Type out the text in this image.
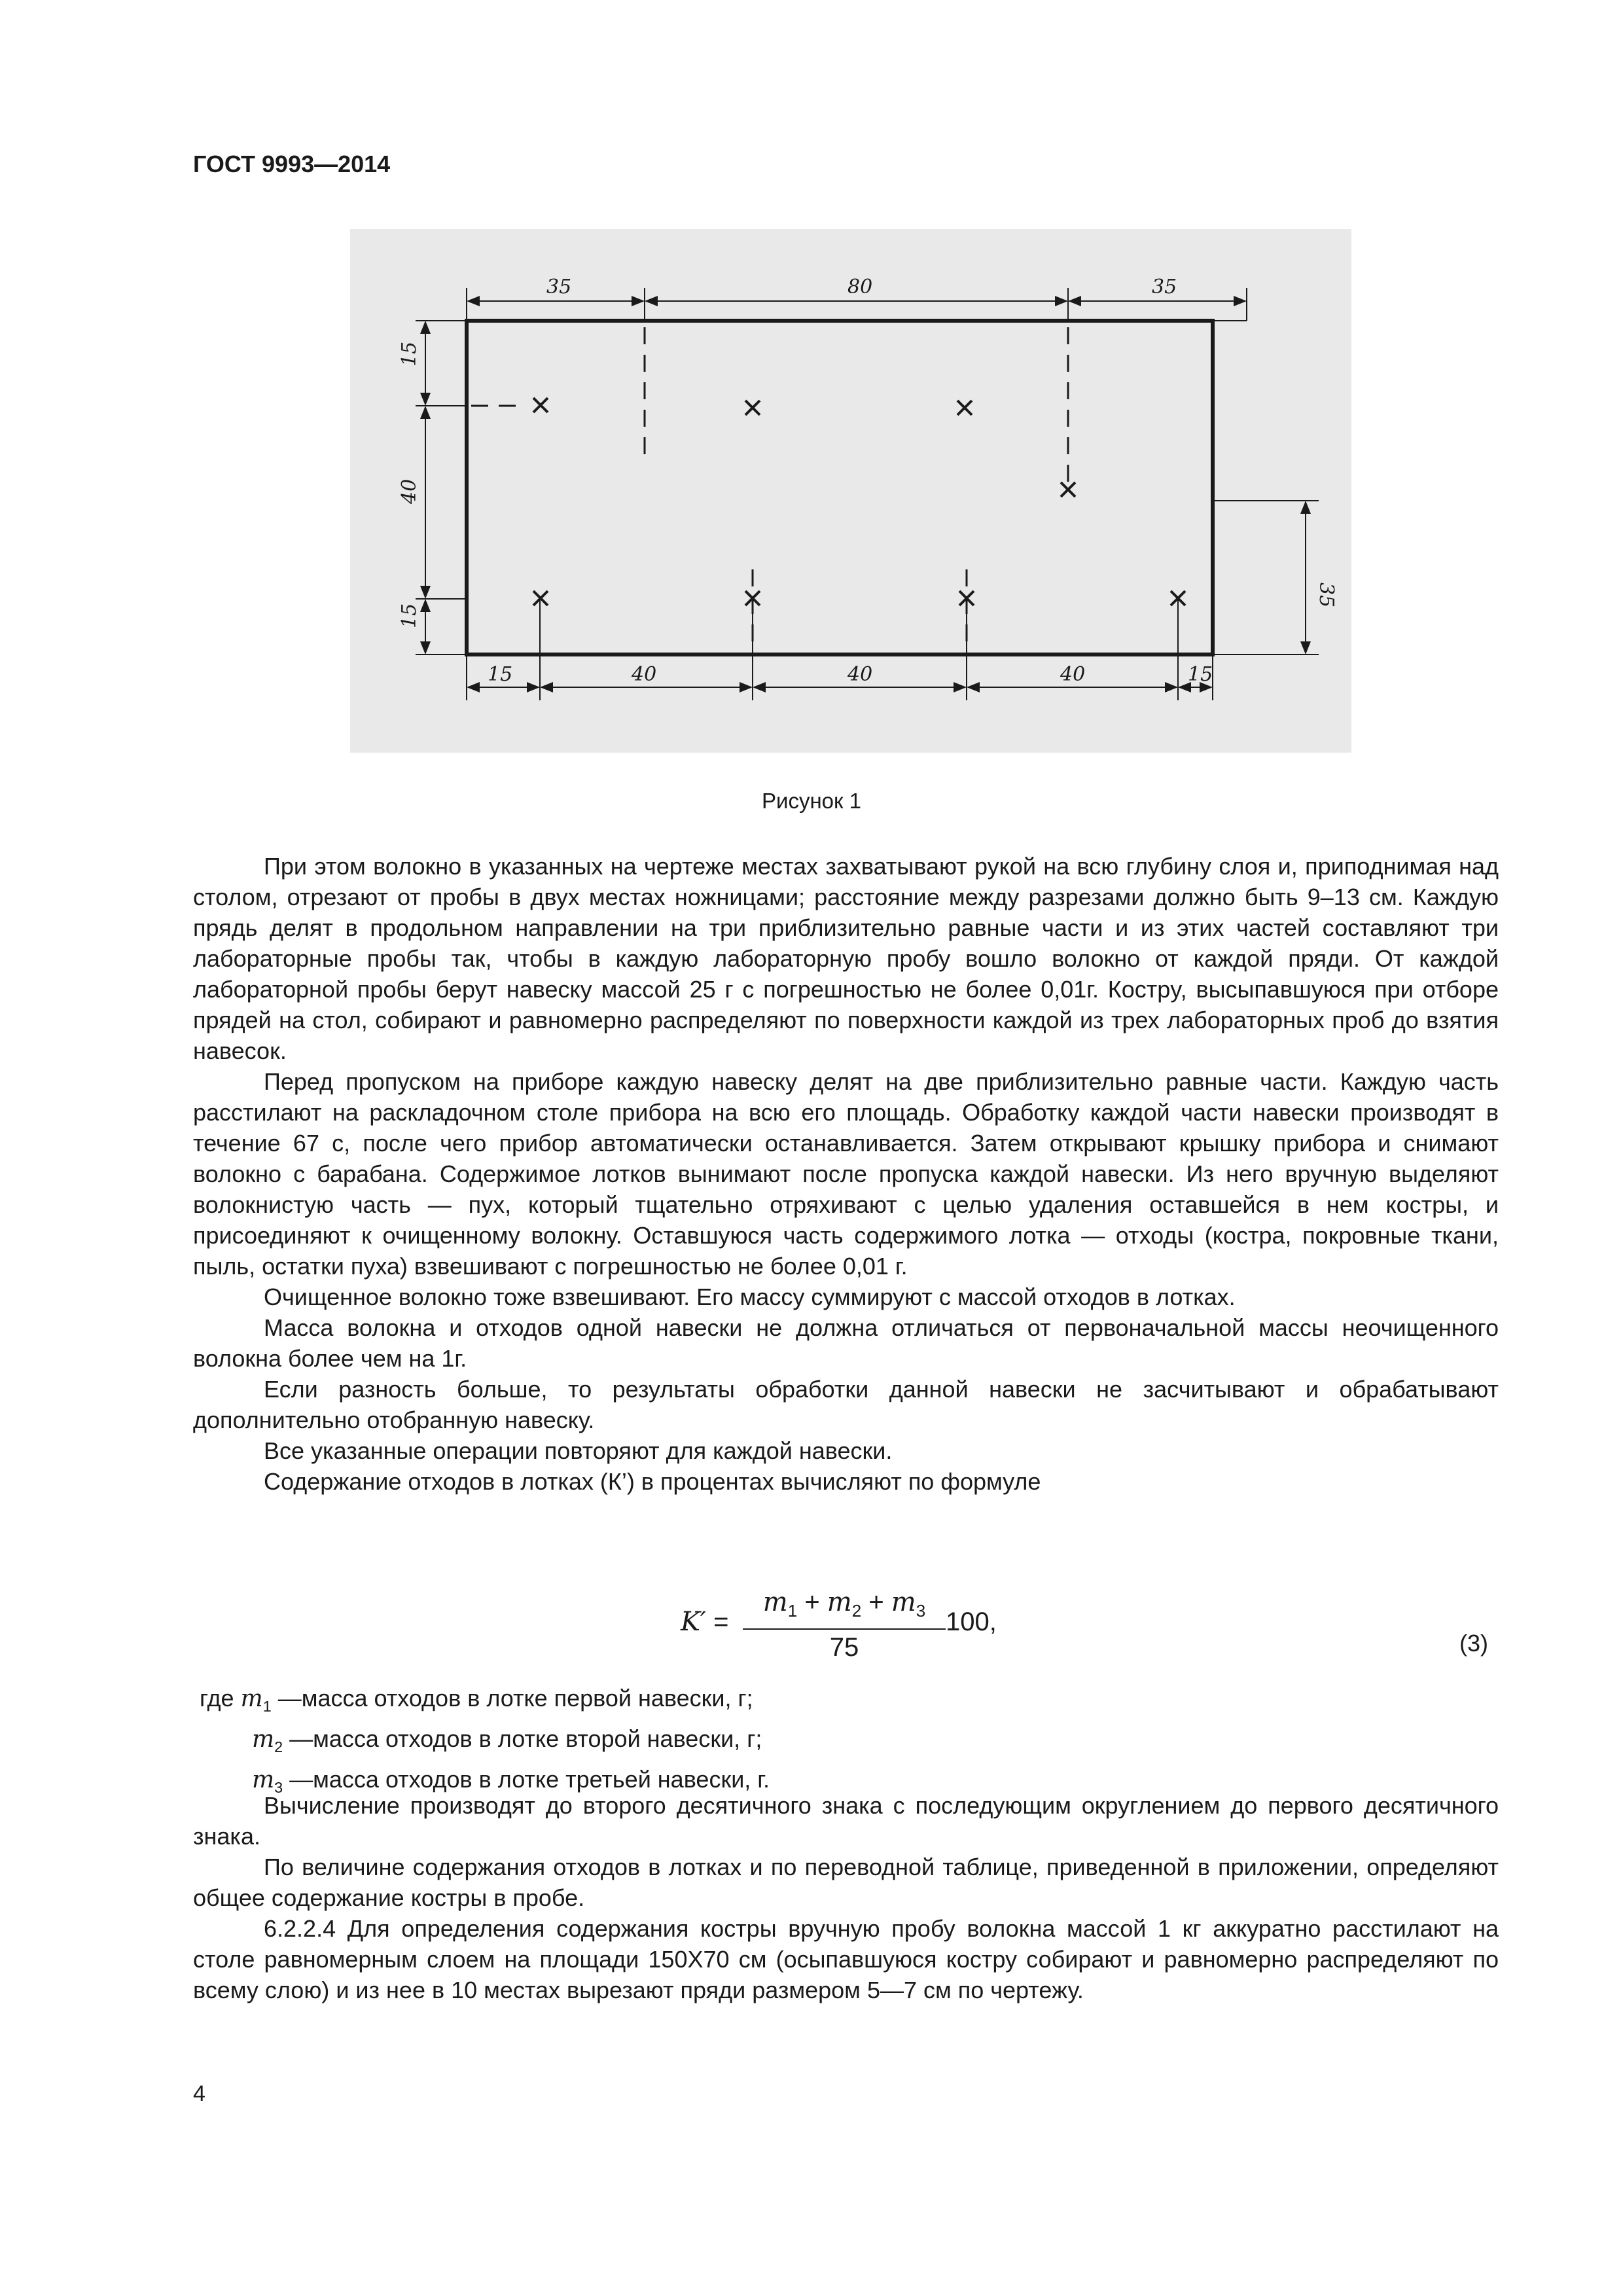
ГОСТ 9993—2014
35	80	35
15
40
15
35
15	40	40	40	15
Рисунок 1

При этом волокно в указанных на чертеже местах захватывают рукой на всю глубину слоя и, приподнимая над столом, отрезают от пробы в двух местах ножницами; расстояние между разрезами должно быть 9–13 см. Каждую прядь делят в продольном направлении на три приблизительно равные части и из этих частей составляют три лабораторные пробы так, чтобы в каждую лабораторную пробу вошло волокно от каждой пряди. От каждой лабораторной пробы берут навеску массой 25 г с погрешностью не более 0,01г. Кострy, высыпавшуюся при отборе прядей на стол, собирают и равномерно распределяют по поверхности каждой из трех лабораторных проб до взятия навесок.

Перед пропуском на приборе каждую навеску делят на две приблизительно равные части. Каждую часть расстилают на раскладочном столе прибора на всю его площадь. Обработку каждой части навески производят в течение 67 с, после чего прибор автоматически останавливается. Затем открывают крышку прибора и снимают волокно с барабана. Содержимое лотков вынимают после пропуска каждой навески. Из него вручную выделяют волокнистую часть — пух, который тщательно отряхивают с целью удаления оставшейся в нем костры, и присоединяют к очищенному волокну. Оставшуюся часть содержимого лотка — отходы (костра, покровные ткани, пыль, остатки пуха) взвешивают с погрешностью не более 0,01 г.

Очищенное волокно тоже взвешивают. Его массу суммируют с массой отходов в лотках.

Масса волокна и отходов одной навески не должна отличаться от первоначальной массы неочищенного волокна более чем на 1г.

Если разность больше, то результаты обработки данной навески не засчитывают и обрабатывают дополнительно отобранную навеску.

Все указанные операции повторяют для каждой навески.

Содержание отходов в лотках (К’) в процентах вычисляют по формуле

$K' = \frac{m_1 + m_2 + m_3}{75} 100$,
(3)
где $m_1$ —масса отходов в лотке первой навески, г;
$m_2$ —масса отходов в лотке второй навески, г;
$m_3$ —масса отходов в лотке третьей навески, г.

Вычисление производят до второго десятичного знака с последующим округлением до первого десятичного знака.

По величине содержания отходов в лотках и по переводной таблице, приведенной в приложении, определяют общее содержание костры в пробе.

6.2.2.4 Для определения содержания костры вручную пробу волокна массой 1 кг аккуратно расстилают на столе равномерным слоем на площади 150Х70 см (осыпавшуюся костру собирают и равномерно распределяют по всему слою) и из нее в 10 местах вырезают пряди размером 5—7 см по чертежу.

4
